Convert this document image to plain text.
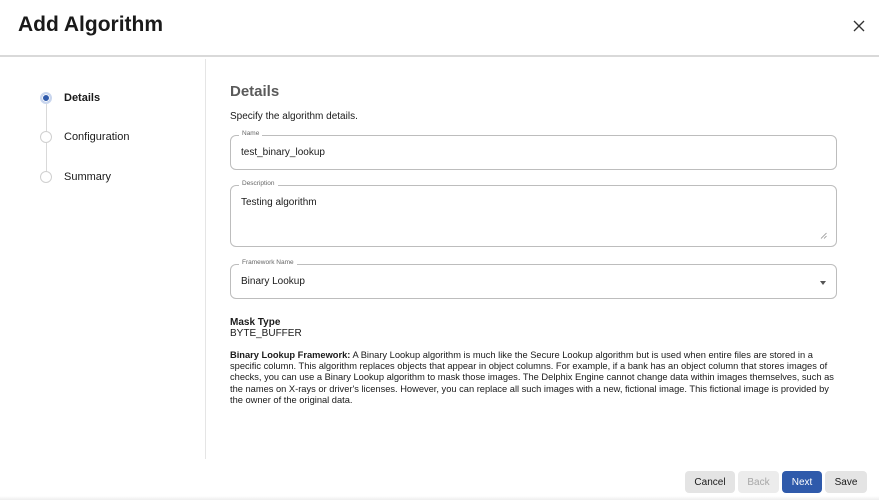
Add Algorithm
Details
Configuration
Summary
Details
Specify the algorithm details.
Name
test_binary_lookup
Description
Testing algorithm
Framework Name
Binary Lookup
Mask Type
BYTE_BUFFER
Binary Lookup Framework: A Binary Lookup algorithm is much like the Secure Lookup algorithm but is used when entire files are stored in a specific column. This algorithm replaces objects that appear in object columns. For example, if a bank has an object column that stores images of checks, you can use a Binary Lookup algorithm to mask those images. The Delphix Engine cannot change data within images themselves, such as the names on X-rays or driver's licenses. However, you can replace all such images with a new, fictional image. This fictional image is provided by the owner of the original data.
Cancel	Back	Next	Save
